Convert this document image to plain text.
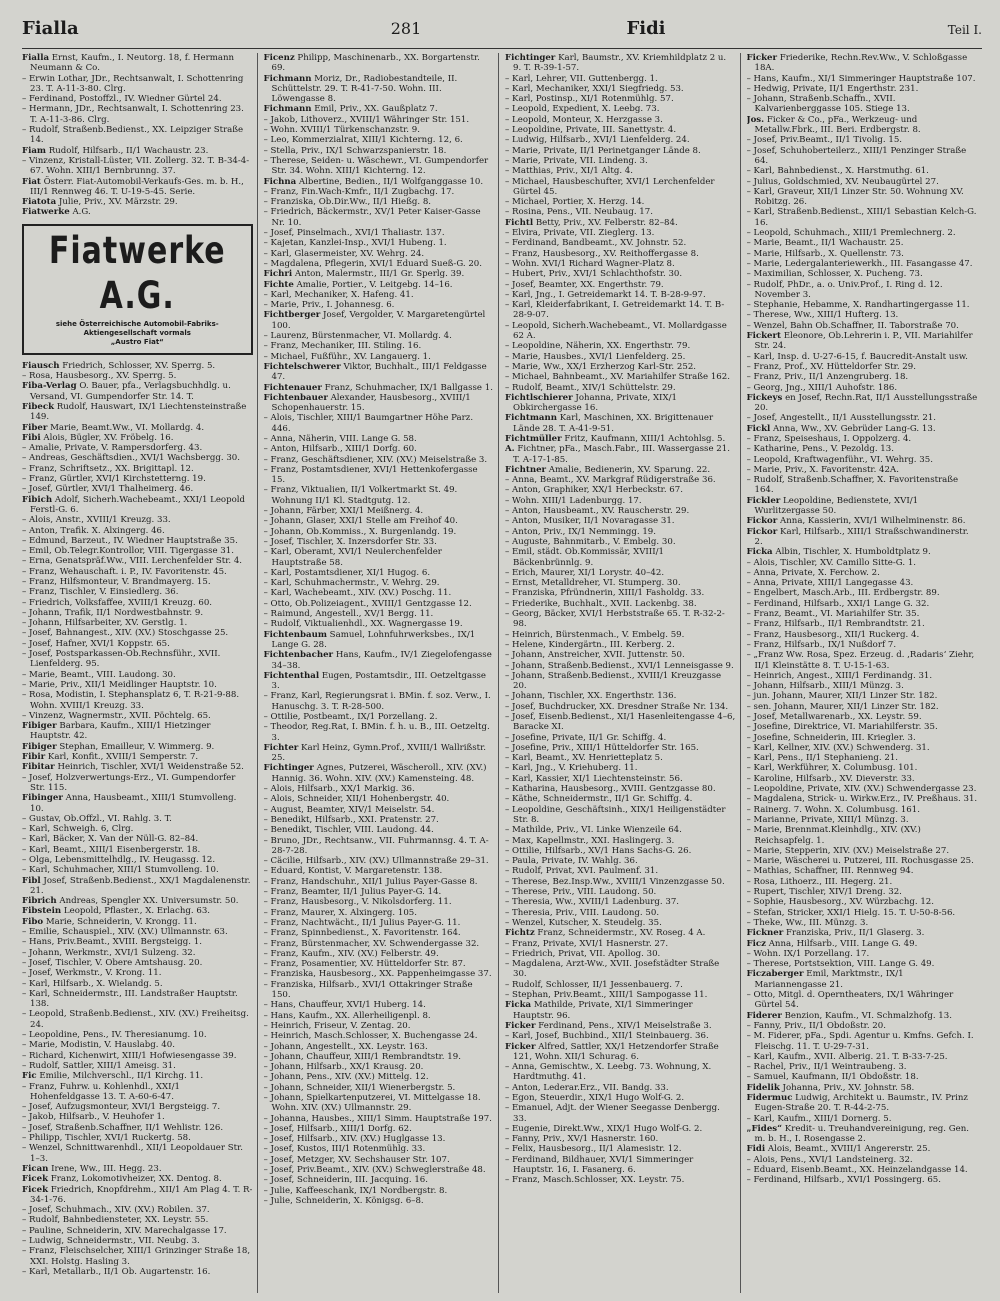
Fialla	281	Fidi	Teil I.

Fialla Ernst, Kaufm., I. Neutorg. 18, f. Hermann Neumann & Co.

– Erwin Lothar, JDr., Rechtsanwalt, I. Schottenring 23. T. A-11-3-80. Clrg.

– Ferdinand, Postoffzl., IV. Wiedner Gürtel 24.

– Hermann, JDr., Rechtsanwalt, I. Schottenring 23. T. A-11-3-86. Clrg.

– Rudolf, Straßenb.Bedienst., XX. Leipziger Straße 14.

Fiam Rudolf, Hilfsarb., II/1 Wachaustr. 23.

– Vinzenz, Kristall-Lüster, VII. Zollerg. 32. T. B-34-4-67. Wohn. XIII/1 Bernbrunng. 37.

Fiat Österr. Fiat-Automobil-Verkaufs-Ges. m. b. H., III/1 Rennweg 46. T. U-19-5-45. Serie.

Fiatota Julie, Priv., XV. Märzstr. 29.

Fiatwerke A.G.

Fiatwerke A.G.
siehe Österreichische Automobil-Fabriks-
Aktiengesellschaft vormals
„Austro Fiat“

Fiausch Friedrich, Schlosser, XV. Sperrg. 5.

– Rosa, Hausbesorg., XV. Sperrg. 5.

Fiba-Verlag O. Bauer, pfa., Verlagsbuchhdlg. u. Versand, VI. Gumpendorfer Str. 14. T.

Fibeck Rudolf, Hauswart, IX/1 Liechtensteinstraße 149.

Fiber Marie, Beamt.Ww., VI. Mollardg. 4.

Fibi Alois, Bügler, XV. Fröbelg. 16.

– Amalie, Private, V. Rampersdorferg. 43.

– Andreas, Geschäftsdien., XVI/1 Wachsbergg. 30.

– Franz, Schriftsetz., XX. Brigittapl. 12.

– Franz, Gürtler, XVI/1 Kirchstetterng. 19.

– Josef, Gürtler, XVI/1 Thalheimerg. 46.

Fibich Adolf, Sicherh.Wachebeamt., XXI/1 Leopold Ferstl-G. 6.

– Alois, Anstr., XVIII/1 Kreuzg. 33.

– Anton, Trafik. X. Alxingerg. 46.

– Edmund, Barzeut., IV. Wiedner Hauptstraße 35.

– Emil, Ob.Telegr.Kontrollor, VIII. Tigergasse 31.

– Erna, Genatspräf.Ww., VIII. Lerchenfelder Str. 4.

– Franz, Wehauschaft. i. P., IV. Favoritenstr. 45.

– Franz, Hilfsmonteur, V. Brandmayerg. 15.

– Franz, Tischler, V. Einsiedlerg. 36.

– Friedrich, Volksfaffee, XVIII/1 Kreuzg. 60.

– Johann, Trafik, II/1 Nordwestbahnstr. 9.

– Johann, Hilfsarbeiter, XV. Gerstlg. 1.

– Josef, Bahnangest., XIV. (XV.) Stoschgasse 25.

– Josef, Hafner, XVI/1 Koppstr. 65.

– Josef, Postsparkassen-Ob.Rechnsführ., XVII. Lienfelderg. 95.

– Marie, Beamt., VIII. Laudong. 30.

– Marie, Priv., XII/1 Meidlinger Hauptstr. 10.

– Rosa, Modistin, I. Stephansplatz 6, T. R-21-9-88. Wohn. XVIII/1 Kreuzg. 33.

– Vinzenz, Wagnermstr., XVII. Pöchtelg. 65.

Fibiger Barbara, Kaufm., XIII/1 Hietzinger Hauptstr. 42.

Fibiger Stephan, Emailleur, V. Wimmerg. 9.

Fibir Karl, Konfit., XVIII/1 Semperstr. 7.

Fibitar Heinrich, Tischler, XVI/1 Weidenstraße 52.

– Josef, Holzverwertungs-Erz., VI. Gumpendorfer Str. 115.

Fibinger Anna, Hausbeamt., XIII/1 Stumvolleng. 10.

– Gustav, Ob.Offzl., VI. Rahlg. 3. T.

– Karl, Schweigh. 6, Clrg.

– Karl, Bäcker, X. Van der Nüll-G. 82–84.

– Karl, Beamt., XIII/1 Eisenbergerstr. 18.

– Olga, Lebensmittelhdlg., IV. Heugassg. 12.

– Karl, Schuhmacher, XIII/1 Stumvolleng. 10.

Fibl Josef, Straßenb.Bedienst., XX/1 Magdalenenstr. 21.

Fibrich Andreas, Spengler XX. Universumstr. 50.

Fibstein Leopold, Pflaster., X. Erlachg. 63.

Fibo Marie, Schneiderin, V. Krongg. 11.

– Emilie, Schauspiel., XIV. (XV.) Ullmannstr. 63.

– Hans, Priv.Beamt., XVIII. Bergsteigg. 1.

– Johann, Werkmstr., XVI/1 Sulzeng. 32.

– Josef, Tischler, V. Obere Amtshausg. 20.

– Josef, Werkmstr., V. Krong. 11.

– Karl, Hilfsarb., X. Wielandg. 5.

– Karl, Schneidermstr., III. Landstraßer Hauptstr. 138.

– Leopold, Straßenb.Bedienst., XIV. (XV.) Freiheitsg. 24.

– Leopoldine, Pens., IV. Theresianumg. 10.

– Marie, Modistin, V. Hauslabg. 40.

– Richard, Kichenwirt, XIII/1 Hofwiesengasse 39.

– Rudolf, Sattler, XIII/1 Ameisg. 31.

Fic Emilie, Milchverschl., II/1 Kirchg. 11.

– Franz, Fuhrw. u. Kohlenhdl., XXI/1 Hohenfeldgasse 13. T. A-60-6-47.

– Josef, Aufzugsmonteur, XVI/1 Bergsteigg. 7.

– Jakob, Hilfsarb., V. Heuhofer 1.

– Josef, Straßenb.Schaffner, II/1 Wehlistr. 126.

– Philipp, Tischler, XVI/1 Ruckertg. 58.

– Wenzel, Schnittwarenhdl., XII/1 Leopoldauer Str. 1–3.

Fican Irene, Ww., III. Hegg. 23.

Ficek Franz, Lokomotivheizer, XX. Dentog. 8.

Ficek Friedrich, Knopfdrehm., XII/1 Am Plag 4. T. R-34-1-76.

– Josef, Schuhmach., XIV. (XV.) Robilen. 37.

– Rudolf, Bahnbediensteter, XX. Leystr. 55.

– Pauline, Schneiderin, XIV. Marechalgasse 17.

– Ludwig, Schneidermstr., VII. Neubg. 3.

– Franz, Fleischselcher, XIII/1 Grinzinger Straße 18, XXI. Holstg. Hasling 3.

– Karl, Metallarb., II/1 Ob. Augartenstr. 16.

Ficenz Philipp, Maschinenarb., XX. Borgartenstr. 69.

Fichmann Moriz, Dr., Radiobestandteile, II. Schüttelstr. 29. T. R-41-7-50. Wohn. III. Löwengasse 8.

Fichmann Emil, Priv., XX. Gaußplatz 7.

– Jakob, Lithoverz., XVIII/1 Währinger Str. 151.

– Wohn. XVIII/1 Türkenschanzstr. 9.

– Leo, Kommerzialrat, XIII/1 Kichterng. 12, 6.

– Stella, Priv., IX/1 Schwarzspanierstr. 18.

– Therese, Seiden- u. Wäschewr., VI. Gumpendorfer Str. 34. Wohn. XIII/1 Kichterng. 12.

Fichna Albertine, Bedien., II/1 Wolfganggasse 10.

– Franz, Fin.Wach-Kmfr., II/1 Zugbachg. 17.

– Franziska, Ob.Dir.Ww., II/1 Hießg. 8.

– Friedrich, Bäckermstr., XV/1 Peter Kaiser-Gasse Nr. 10.

– Josef, Pinselmach., XVI/1 Thaliastr. 137.

– Kajetan, Kanzlei-Insp., XVI/1 Hubeng. 1.

– Karl, Glasermeister, XV. Wehrg. 24.

– Magdalena, Pflegerin, XVI/1 Eduard Sueß-G. 20.

Fichri Anton, Malermstr., III/1 Gr. Sperlg. 39.

Fichte Amalie, Portier., V. Leitgebg. 14–16.

– Karl, Mechaniker, X. Hafeng. 41.

– Marie, Priv., I. Johannesg. 6.

Fichtberger Josef, Vergolder, V. Margaretengürtel 100.

– Laurenz, Bürstenmacher, VI. Mollardg. 4.

– Franz, Mechaniker, III. Stiling. 16.

– Michael, Fußführ., XV. Langauerg. 1.

Fichtelschwerer Viktor, Buchhalt., III/1 Feldgasse 47.

Fichtenauer Franz, Schuhmacher, IX/1 Ballgasse 1.

Fichtenbauer Alexander, Hausbesorg., XVIII/1 Schopenhauerstr. 15.

– Alois, Tischler, XIII/1 Baumgartner Höhe Parz. 446.

– Anna, Näherin, VIII. Lange G. 58.

– Anton, Hilfsarb., XIII/1 Dorfg. 60.

– Franz, Geschäftsdiener, XIV. (XV.) Meiselstraße 3.

– Franz, Postamtsdiener, XVI/1 Hettenkofergasse 15.

– Franz, Viktualien, II/1 Volkertmarkt St. 49. Wohnung II/1 Kl. Stadtgutg. 12.

– Johann, Färber, XXI/1 Meißnerg. 4.

– Johann, Glaser, XXI/1 Stelle am Freihof 40.

– Johann, Ob.Kommiss., X. Burgenlandg. 19.

– Josef, Tischler, X. Inzersdorfer Str. 33.

– Karl, Oberamt, XVI/1 Neulerchenfelder Hauptstraße 58.

– Karl, Postamtsdiener, XI/1 Hugog. 6.

– Karl, Schuhmachermstr., V. Wehrg. 29.

– Karl, Wachebeamt., XIV. (XV.) Poschg. 11.

– Otto, Ob.Polizeiagent., XVIII/1 Gentzgasse 12.

– Raimund, Angestell., XV/1 Bergg. 11.

– Rudolf, Viktualienhdl., XX. Wagnergasse 19.

Fichtenbaum Samuel, Lohnfuhrwerksbes., IX/1 Lange G. 28.

Fichtenbacher Hans, Kaufm., IV/1 Ziegelofengasse 34–38.

Fichtenthal Eugen, Postamtsdir., III. Oetzeltgasse 3.

– Franz, Karl, Regierungsrat i. BMin. f. soz. Verw., I. Hanuschg. 3. T. R-28-500.

– Ottilie, Postbeamt., IX/1 Porzellang. 2.

– Theodor, Reg.Rat, I. BMin. f. h. u. B., III. Oetzeltg. 3.

Fichter Karl Heinz, Gymn.Prof., XVIII/1 Wallrißstr. 25.

Fichtinger Agnes, Putzerei, Wäscheroll., XIV. (XV.) Hannig. 36. Wohn. XIV. (XV.) Kamensteing. 48.

– Alois, Hilfsarb., XX/1 Markig. 36.

– Alois, Schneider, XII/1 Hohenbergstr. 40.

– August, Beamter, XIV/1 Meiselstr. 54.

– Benedikt, Hilfsarb., XXI. Pratenstr. 27.

– Benedikt, Tischler, VIII. Laudong. 44.

– Bruno, JDr., Rechtsanw., VII. Fuhrmannsg. 4. T. A-28-7-28.

– Cäcilie, Hilfsarb., XIV. (XV.) Ullmannstraße 29–31.

– Eduard, Kontist, V. Margaretenstr. 138.

– Franz, Handschuhr., XII/1 Julius Payer-Gasse 8.

– Franz, Beamter, II/1 Julius Payer-G. 14.

– Franz, Hausbesorg., V. Nikolsdorferg. 11.

– Franz, Maurer, X. Alxingerg. 105.

– Franz, Nachtwächt., II/1 Julius Payer-G. 11.

– Franz, Spinnbedienst., X. Favoritenstr. 164.

– Franz, Bürstenmacher, XV. Schwendergasse 32.

– Franz, Kaufm., XIV. (XV.) Felberstr. 49.

– Franz, Posamentier, XV. Hütteldorfer Str. 87.

– Franziska, Hausbesorg., XX. Pappenheimgasse 37.

– Franziska, Hilfsarb., XVI/1 Ottakringer Straße 150.

– Hans, Chauffeur, XVI/1 Huberg. 14.

– Hans, Kaufm., XX. Allerheiligenpl. 8.

– Heinrich, Friseur, V. Zentag. 20.

– Heinrich, Masch.Schlosser, X. Buchengasse 24.

– Johann, Angestellt., XX. Leystr. 163.

– Johann, Chauffeur, XIII/1 Rembrandtstr. 19.

– Johann, Hilfsarb., XX/1 Krausg. 20.

– Johann, Pens., XIV. (XV.) Mittelg. 12.

– Johann, Schneider, XII/1 Wienerbergstr. 5.

– Johann, Spielkartenputzerei, VI. Mittelgasse 18. Wohn. XIV. (XV.) Ullmannstr. 29.

– Johanna, Hausbes., XIII/1 Simm. Hauptstraße 197.

– Josef, Hilfsarb., XIII/1 Dorfg. 62.

– Josef, Hilfsarb., XIV. (XV.) Huglgasse 13.

– Josef, Kustos, III/1 Rotenmühlg. 33.

– Josef, Metzger, XV. Sechshauser Str. 107.

– Josef, Priv.Beamt., XIV. (XV.) Schweglerstraße 48.

– Josef, Schneiderin, III. Jacquing. 16.

– Julie, Kaffeeschank, IX/1 Nordbergstr. 8.

– Julie, Schneiderin, X. Königsg. 6–8.

Fichtinger Karl, Baumstr., XV. Kriemhildplatz 2 u. 9. T. R-39-1-57.

– Karl, Lehrer, VII. Guttenbergg. 1.

– Karl, Mechaniker, XXI/1 Siegfriedg. 53.

– Karl, Postinsp., XI/1 Rotenmühlg. 57.

– Leopold, Expedient, X. Leebg. 73.

– Leopold, Monteur, X. Herzgasse 3.

– Leopoldine, Private, III. Sanettystr. 4.

– Ludwig, Hilfsarb., XVI/1 Lienfelderg. 24.

– Marie, Private, II/1 Perinetganger Lände 8.

– Marie, Private, VII. Lindeng. 3.

– Matthias, Priv., XI/1 Altg. 4.

– Michael, Hausbeschufter, XVI/1 Lerchenfelder Gürtel 45.

– Michael, Portier, X. Herzg. 14.

– Rosina, Pens., VII. Neubaug. 17.

Fichtl Betty, Priv., XV. Felberstr. 82–84.

– Elvira, Private, VII. Zieglerg. 13.

– Ferdinand, Bandbeamt., XV. Johnstr. 52.

– Franz, Hausbesorg., XV. Reithoffergasse 8.

– Wohn. XVI/1 Richard Wagner-Platz 8.

– Hubert, Priv., XVI/1 Schlachthofstr. 30.

– Josef, Beamter, XX. Engerthstr. 79.

– Karl, Jng., I. Getreidemarkt 14. T. B-28-9-97.

– Karl, Kleiderfabrikant, I. Getreidemarkt 14. T. B-28-9-07.

– Leopold, Sicherh.Wachebeamt., VI. Mollardgasse 62 A.

– Leopoldine, Näherin, XX. Engerthstr. 79.

– Marie, Hausbes., XVI/1 Lienfelderg. 25.

– Marie, Ww., XX/1 Erzherzog Karl-Str. 252.

– Michael, Bahnbeamt., XV. Mariahilfer Straße 162.

– Rudolf, Beamt., XIV/1 Schüttelstr. 29.

Fichtlschierer Johanna, Private, XIX/1 Obkirchergasse 16.

Fichtmann Karl, Maschinen, XX. Brigittenauer Lände 28. T. A-41-9-51.

Fichtmüller Fritz, Kaufmann, XIII/1 Achtohlsg. 5.

A. Fichtner, pFa., Masch.Fabr., III. Wassergasse 21. T. A-17-1-85.

Fichtner Amalie, Bedienerin, XV. Sparung. 22.

– Anna, Beamt., XV. Markgraf Rüdigerstraße 36.

– Anton, Graphiker, XX/1 Herbeckstr. 67.

– Wohn. XIII/1 Ladenburgg. 17.

– Anton, Hausbeamt., XV. Rauscherstr. 29.

– Anton, Musiker, II/1 Novaragasse 31.

– Anton, Priv., IX/1 Nemmingg. 19.

– Auguste, Bahnmitarb., V. Embelg. 30.

– Emil, städt. Ob.Kommissär, XVIII/1 Bäckenbrünnlg. 9.

– Erich, Maurer, XI/1 Lorystr. 40–42.

– Ernst, Metalldreher, VI. Stumperg. 30.

– Franziska, Pfründnerin, XIII/1 Fasholdg. 33.

– Friederike, Buchhalt., XVII. Lackenbg. 38.

– Georg, Bäcker, XVI/1 Herbststraße 65. T. R-32-2-98.

– Heinrich, Bürstenmach., V. Embelg. 59.

– Helene, Kindergärtn., III. Kerberg. 2.

– Johann, Anstreicher, XVII. Juttenstr. 50.

– Johann, Straßenb.Bedienst., XVI/1 Lenneisgasse 9.

– Johann, Straßenb.Bedienst., XVIII/1 Kreuzgasse 20.

– Johann, Tischler, XX. Engerthstr. 136.

– Josef, Buchdrucker, XX. Dresdner Straße Nr. 134.

– Josef, Eisenb.Bedienst., XI/1 Hasenleitengasse 4–6, Baracke XI.

– Josefine, Private, II/1 Gr. Schiffg. 4.

– Josefine, Priv., XIII/1 Hütteldorfer Str. 165.

– Karl, Beamt., XV. Henrietteplatz 5.

– Karl, Jng., V. Kriehuberg. 11.

– Karl, Kassier, XI/1 Liechtensteinstr. 56.

– Katharina, Hausbesorg., XVIII. Gentzgasse 80.

– Käthe, Schneidermstr., II/1 Gr. Schiffg. 4.

– Leopoldine, Geschäftsinh., XIX/1 Heiligenstädter Str. 8.

– Mathilde, Priv., VI. Linke Wienzeile 64.

– Max, Kapellmstr., XXI. Haslingerg. 3.

– Ottilie, Hilfsarb., XV/1 Hans Sachs-G. 26.

– Paula, Private, IV. Wahlg. 36.

– Rudolf, Privat, XVI. Paulmenf. 31.

– Therese, Bez.Insp.Ww., XVIII/1 Vinzenzgasse 50.

– Therese, Priv., VIII. Laudong. 50.

– Theresia, Ww., XVIII/1 Ladenburg. 37.

– Theresia, Priv., VIII. Laudong. 50.

– Wenzel, Kutscher, X. Steudelg. 35.

Fichtz Franz, Schneidermstr., XV. Roseg. 4 A.

– Franz, Private, XVI/1 Hasnerstr. 27.

– Friedrich, Privat, VII. Apollog. 30.

– Magdalena, Arzt-Ww., XVII. Josefstädter Straße 30.

– Rudolf, Schlosser, II/1 Jessenbauerg. 7.

– Stephan, Priv.Beamt., XIII/1 Sampogasse 11.

Ficka Mathilde, Private, XI/1 Simmeringer Hauptstr. 96.

Ficker Ferdinand, Pens., XIV/1 Meiselstraße 3.

– Karl, Josef, Buchbind., XII/1 Steinbauerg. 36.

Ficker Alfred, Sattler, XX/1 Hetzendorfer Straße 121, Wohn. XII/1 Schurag. 6.

– Anna, Gemischtw., X. Leebg. 73. Wohnung, X. Hardtmuthg. 41.

– Anton, Lederar.Erz., VII. Bandg. 33.

– Egon, Steuerdir., XIX/1 Hugo Wolf-G. 2.

– Emanuel, Adjt. der Wiener Seegasse Denbergg. 33.

– Eugenie, Direkt.Ww., XIX/1 Hugo Wolf-G. 2.

– Fanny, Priv., XV/1 Hasnerstr. 160.

– Felix, Hausbesorg., II/1 Alamesistr. 12.

– Ferdinand, Bildhauer, XVI/1 Simmeringer Hauptstr. 16, I. Fasanerg. 6.

– Franz, Masch.Schlosser, XX. Leystr. 75.

Ficker Friederike, Rechn.Rev.Ww., V. Schloßgasse 18A.

– Hans, Kaufm., XI/1 Simmeringer Hauptstraße 107.

– Hedwig, Private, II/1 Engerthstr. 231.

– Johann, Straßenb.Schaffn., XVII. Kalvarienberggasse 105. Stiege 13.

Jos. Ficker & Co., pFa., Werkzeug- und Metallw.Fbrk., III. Beri. Erdbergstr. 8.

– Josef, Priv.Beamt., II/1 Tivolig. 15.

– Josef, Schuhoberteilerz., XIII/1 Penzinger Straße 64.

– Karl, Bahnbedienst., X. Harstmuthg. 61.

– Julius, Goldschmied, XV. Neubaugürtel 27.

– Karl, Graveur, XII/1 Linzer Str. 50. Wohnung XV. Robitzg. 26.

– Karl, Straßenb.Bedienst., XIII/1 Sebastian Kelch-G. 16.

– Leopold, Schuhmach., XIII/1 Premlechnerg. 2.

– Marie, Beamt., II/1 Wachaustr. 25.

– Marie, Hilfsarb., X. Quellenstr. 73.

– Marie, Ledergalanteriewerkh., III. Fasangasse 47.

– Maximilian, Schlosser, X. Pucheng. 73.

– Rudolf, PhDr., a. o. Univ.Prof., I. Ring d. 12. November 3.

– Stephanie, Hebamme, X. Randhartingergasse 11.

– Therese, Ww., XIII/1 Hufterg. 13.

– Wenzel, Bahn Ob.Schaffner, II. Taborstraße 70.

Fickert Eleonore, Ob.Lehrerin i. P., VII. Mariahilfer Str. 24.

– Karl, Insp. d. U-27-6-15, f. Baucredit-Anstalt usw.

– Franz, Prof., XV. Hütteldorfer Str. 29.

– Franz, Priv., II/1 Anzengruberg. 18.

– Georg, Jng., XIII/1 Auhofstr. 186.

Fickeys en Josef, Rechn.Rat, II/1 Ausstellungsstraße 20.

– Josef, Angestellt., II/1 Ausstellungsstr. 21.

Fickl Anna, Ww., XV. Gebrüder Lang-G. 13.

– Franz, Speiseshaus, I. Oppolzerg. 4.

– Katharine, Pens., V. Pezoldg. 13.

– Leopold, Kraftwagenführ., VI. Wehrg. 35.

– Marie, Priv., X. Favoritenstr. 42A.

– Rudolf, Straßenb.Schaffner, X. Favoritenstraße 164.

Fickler Leopoldine, Bedienstete, XVI/1 Wurlitzergasse 50.

Fickor Anna, Kassierin, XVI/1 Wilhelminenstr. 86.

Fickor Karl, Hilfsarb., XIII/1 Straßschwandinerstr. 2.

Ficka Albin, Tischler, X. Humboldtplatz 9.

– Alois, Tischler, XV. Camillo Sitte-G. 1.

– Anna, Private, X. Ferchow. 2.

– Anna, Private, XIII/1 Langegasse 43.

– Engelbert, Masch.Arb., III. Erdbergstr. 89.

– Ferdinand, Hilfsarb., XXI/1 Lange G. 32.

– Franz, Beamt., VI. Mariahilfer Str. 35.

– Franz, Hilfsarb., II/1 Rembrandtstr. 21.

– Franz, Hausbesorg., XII/1 Ruckerg. 4.

– Franz, Hilfsarb., IX/1 Nußdorf 7.

– „Franz Ww. Rosa, Spez. Erzeug. d. ‚Radaris‘ Ziehr, II/1 Kleinstätte 8. T. U-15-1-63.

– Heinrich, Angest., XIII/1 Ferdinandg. 31.

– Johann, Hilfsarb., XIII/1 Münzg. 3.

– jun. Johann, Maurer, XII/1 Linzer Str. 182.

– sen. Johann, Maurer, XII/1 Linzer Str. 182.

– Josef, Metallwarenarb., XX. Leystr. 59.

– Josefine, Direktrice, VI. Mariahilferstr. 35.

– Josefine, Schneiderin, III. Kriegler. 3.

– Karl, Kellner, XIV. (XV.) Schwenderg. 31.

– Karl, Pens., II/1 Stephanieng. 21.

– Karl, Werkführer, X. Columbusg. 101.

– Karoline, Hilfsarb., XV. Dieverstr. 33.

– Leopoldine, Private, XIV. (XV.) Schwendergasse 23.

– Magdalena, Strick- u. Wirkw.Erz., IV. Preßhaus. 31.

– Rainerg. 7. Wohn. X. Columbusg. 161.

– Marianne, Private, XIII/1 Münzg. 3.

– Marie, Brennmat.Kleinhdlg., XIV. (XV.) Reichsapfelg. 1.

– Marie, Stepperin, XIV. (XV.) Meiselstraße 27.

– Marie, Wäscherei u. Putzerei, III. Rochusgasse 25.

– Mathias, Schaffner, III. Rennweg 94.

– Rosa, Lithoerz., III. Hegerg. 21.

– Rupert, Tischler, XIV/1 Dreng. 32.

– Sophie, Hausbesorg., XV. Würzbachg. 12.

– Stefan, Stricker, XXI/1 Hielg. 15. T. U-50-8-56.

– Theke, Ww., III. Münzg. 3.

Fickner Franziska, Priv., II/1 Glaserg. 3.

Ficz Anna, Hilfsarb., VIII. Lange G. 49.

– Wohn. IX/1 Porzellang. 17.

– Therese, Portstsektion, VIII. Lange G. 49.

Ficzaberger Emil, Marktmstr., IX/1 Mariannengasse 21.

– Otto, Mitgl. d. Operntheaters, IX/1 Währinger Gürtel 54.

Fiderer Benzion, Kaufm., VI. Schmalzhofg. 13.

– Fanny, Priv., II/1 Obdoßstr. 20.

– M. Fiderer, pFa., Spdi. Agentur u. Kmfns. Gefch. I. Fleischg. 11. T. U-29-7-31.

– Karl, Kaufm., XVII. Alberig. 21. T. B-33-7-25.

– Rachel, Priv., II/1 Weintraubeng. 3.

– Samuel, Kaufmann, II/1 Obdoßstr. 18.

Fidelik Johanna, Priv., XV. Johnstr. 58.

Fidermuc Ludwig, Architekt u. Baumstr., IV. Prinz Eugen-Straße 20. T. R-44-2-75.

– Karl, Kaufm., XIII/1 Dornerg. 5.

„Fides“ Kredit- u. Treuhandvereinigung, reg. Gen. m. b. H., I. Rosengasse 2.

Fidi Alois, Beamt., XVIII/1 Angererstr. 25.

– Alois, Pens., XVI/1 Landsteinerg. 32.

– Eduard, Eisenb.Beamt., XX. Heinzelandgasse 14.

– Ferdinand, Hilfsarb., XVI/1 Possingerg. 65.
